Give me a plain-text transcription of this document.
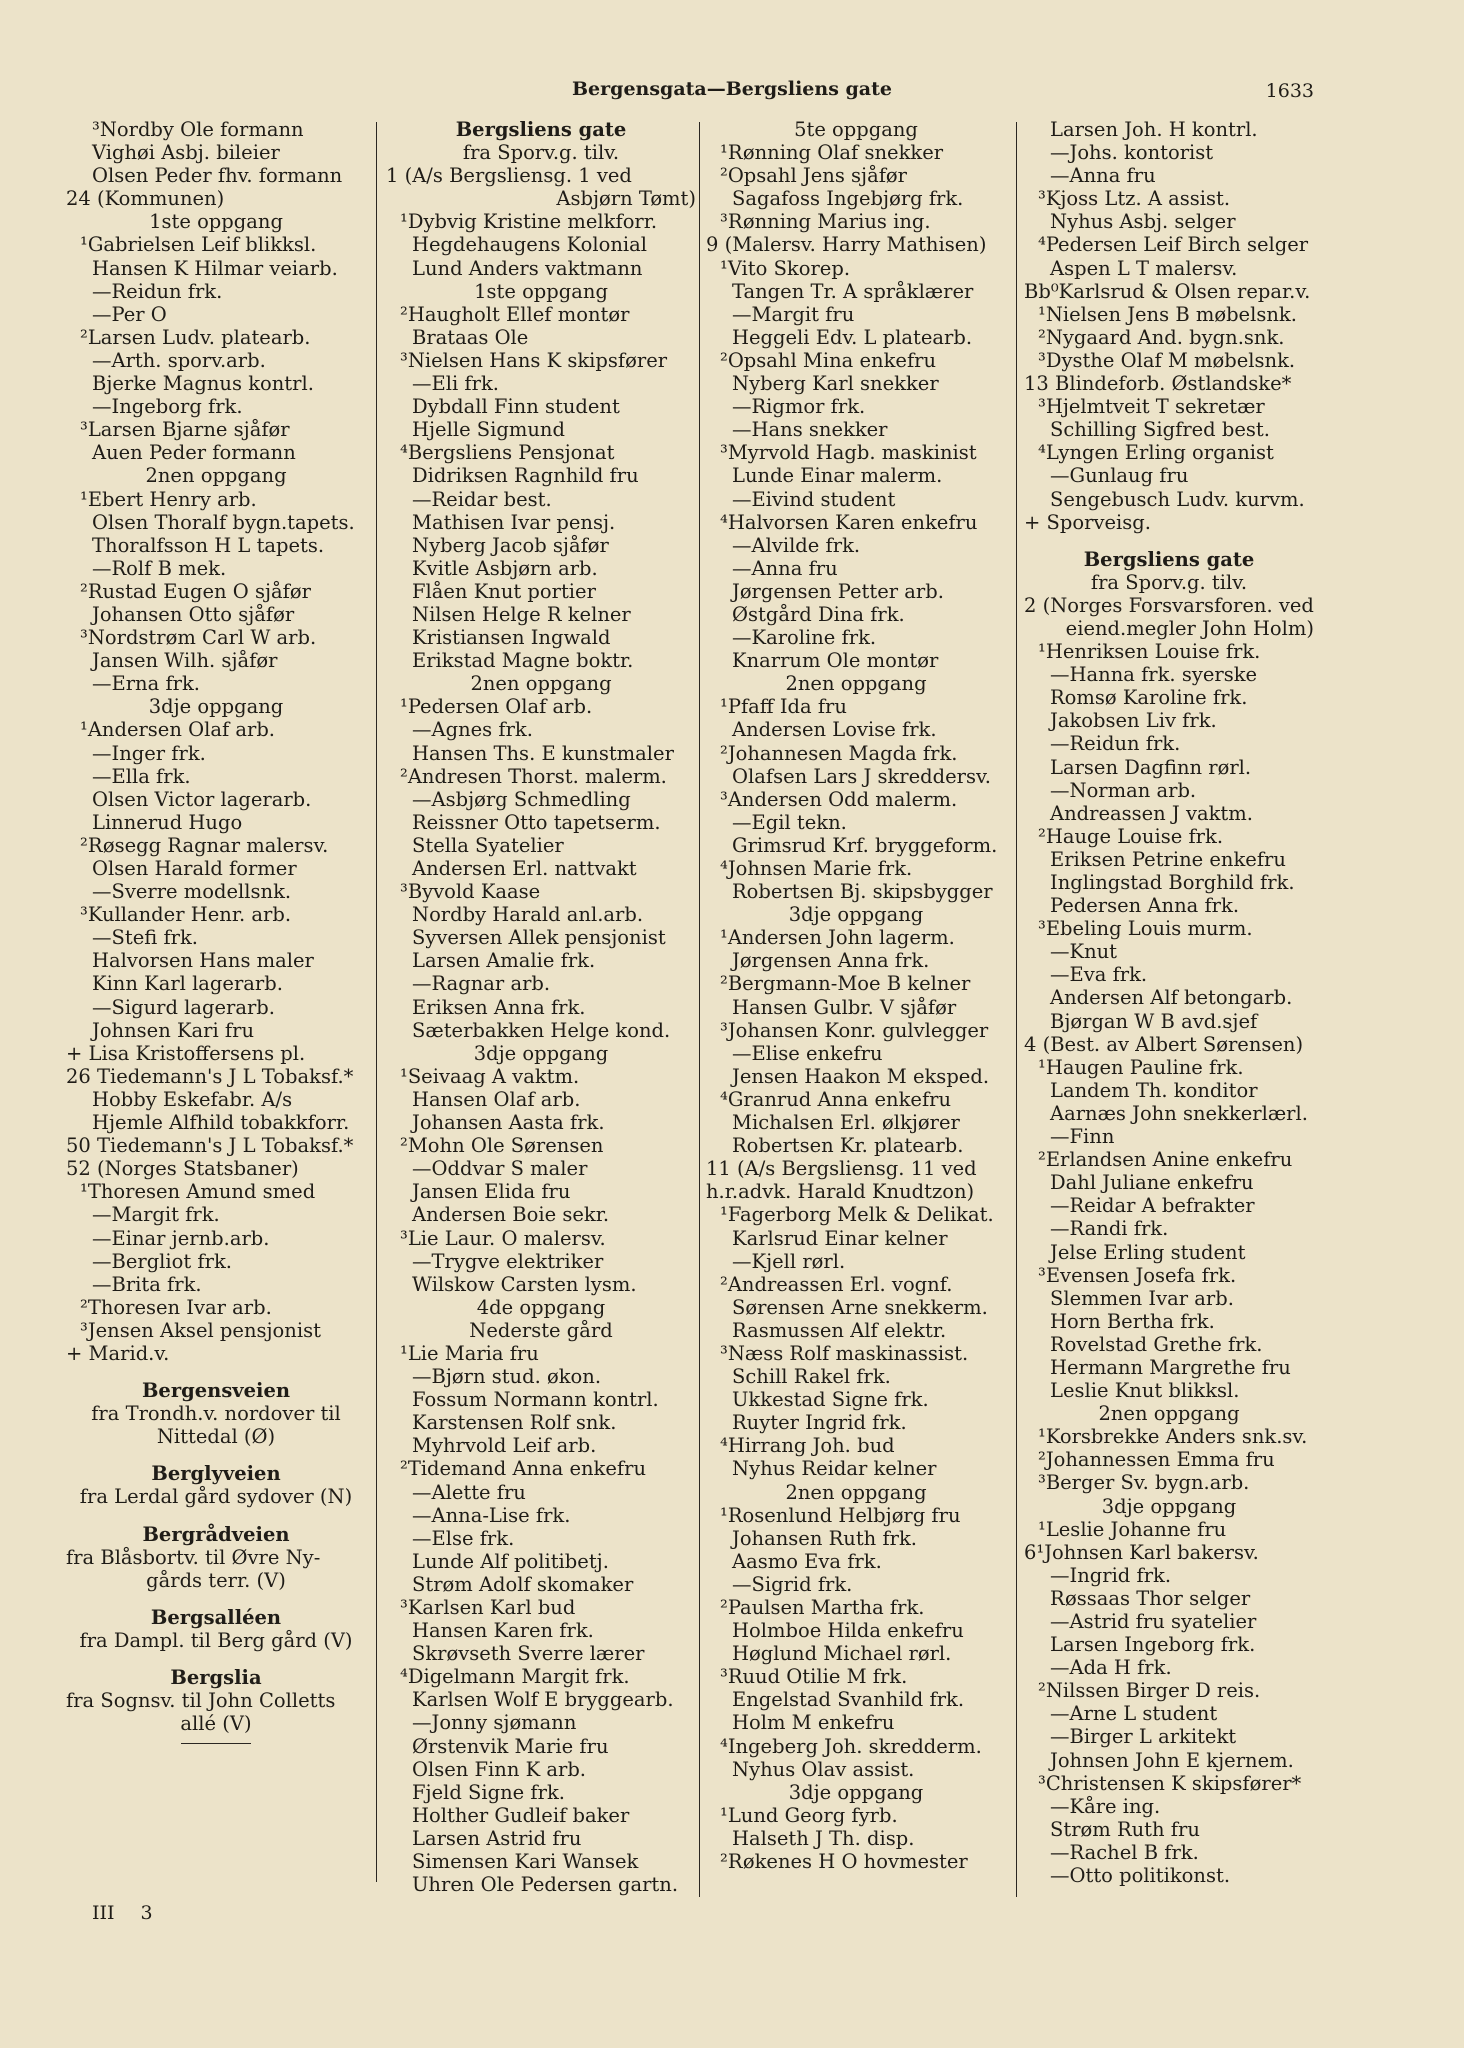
Bergensgata—Bergsliens gate	1633
³Nordby Ole formann
Vighøi Asbj. bileier
Olsen Peder fhv. formann
24 (Kommunen)
1ste oppgang
¹Gabrielsen Leif blikksl.
Hansen K Hilmar veiarb.
—Reidun frk.
—Per O
²Larsen Ludv. platearb.
—Arth. sporv.arb.
Bjerke Magnus kontrl.
—Ingeborg frk.
³Larsen Bjarne sjåfør
Auen Peder formann
2nen oppgang
¹Ebert Henry arb.
Olsen Thoralf bygn.tapets.
Thoralfsson H L tapets.
—Rolf B mek.
²Rustad Eugen O sjåfør
Johansen Otto sjåfør
³Nordstrøm Carl W arb.
Jansen Wilh. sjåfør
—Erna frk.
3dje oppgang
¹Andersen Olaf arb.
—Inger frk.
—Ella frk.
Olsen Victor lagerarb.
Linnerud Hugo
²Røsegg Ragnar malersv.
Olsen Harald former
—Sverre modellsnk.
³Kullander Henr. arb.
—Stefi frk.
Halvorsen Hans maler
Kinn Karl lagerarb.
—Sigurd lagerarb.
Johnsen Kari fru
+ Lisa Kristoffersens pl.
26 Tiedemann's J L Tobaksf.*
Hobby Eskefabr. A/s
Hjemle Alfhild tobakkforr.
50 Tiedemann's J L Tobaksf.*
52 (Norges Statsbaner)
¹Thoresen Amund smed
—Margit frk.
—Einar jernb.arb.
—Bergliot frk.
—Brita frk.
²Thoresen Ivar arb.
³Jensen Aksel pensjonist
+ Marid.v.
Bergensveien
fra Trondh.v. nordover til
Nittedal (Ø)
Berglyveien
fra Lerdal gård sydover (N)
Bergrådveien
fra Blåsbortv. til Øvre Ny-
gårds terr. (V)
Bergsalléen
fra Dampl. til Berg gård (V)
Bergslia
fra Sognsv. til John Colletts
allé (V)
Bergsliens gate
fra Sporv.g. tilv.
1 (A/s Bergsliensg. 1 ved
Asbjørn Tømt)
¹Dybvig Kristine melkforr.
Hegdehaugens Kolonial
Lund Anders vaktmann
1ste oppgang
²Haugholt Ellef montør
Brataas Ole
³Nielsen Hans K skipsfører
—Eli frk.
Dybdall Finn student
Hjelle Sigmund
⁴Bergsliens Pensjonat
Didriksen Ragnhild fru
—Reidar best.
Mathisen Ivar pensj.
Nyberg Jacob sjåfør
Kvitle Asbjørn arb.
Flåen Knut portier
Nilsen Helge R kelner
Kristiansen Ingwald
Erikstad Magne boktr.
2nen oppgang
¹Pedersen Olaf arb.
—Agnes frk.
Hansen Ths. E kunstmaler
²Andresen Thorst. malerm.
—Asbjørg Schmedling
Reissner Otto tapetserm.
Stella Syatelier
Andersen Erl. nattvakt
³Byvold Kaase
Nordby Harald anl.arb.
Syversen Allek pensjonist
Larsen Amalie frk.
—Ragnar arb.
Eriksen Anna frk.
Sæterbakken Helge kond.
3dje oppgang
¹Seivaag A vaktm.
Hansen Olaf arb.
Johansen Aasta frk.
²Mohn Ole Sørensen
—Oddvar S maler
Jansen Elida fru
Andersen Boie sekr.
³Lie Laur. O malersv.
—Trygve elektriker
Wilskow Carsten lysm.
4de oppgang
Nederste gård
¹Lie Maria fru
—Bjørn stud. økon.
Fossum Normann kontrl.
Karstensen Rolf snk.
Myhrvold Leif arb.
²Tidemand Anna enkefru
—Alette fru
—Anna-Lise frk.
—Else frk.
Lunde Alf politibetj.
Strøm Adolf skomaker
³Karlsen Karl bud
Hansen Karen frk.
Skrøvseth Sverre lærer
⁴Digelmann Margit frk.
Karlsen Wolf E bryggearb.
—Jonny sjømann
Ørstenvik Marie fru
Olsen Finn K arb.
Fjeld Signe frk.
Holther Gudleif baker
Larsen Astrid fru
Simensen Kari Wansek
Uhren Ole Pedersen gartn.
5te oppgang
¹Rønning Olaf snekker
²Opsahl Jens sjåfør
Sagafoss Ingebjørg frk.
³Rønning Marius ing.
9 (Malersv. Harry Mathisen)
¹Vito Skorep.
Tangen Tr. A språklærer
—Margit fru
Heggeli Edv. L platearb.
²Opsahl Mina enkefru
Nyberg Karl snekker
—Rigmor frk.
—Hans snekker
³Myrvold Hagb. maskinist
Lunde Einar malerm.
—Eivind student
⁴Halvorsen Karen enkefru
—Alvilde frk.
—Anna fru
Jørgensen Petter arb.
Østgård Dina frk.
—Karoline frk.
Knarrum Ole montør
2nen oppgang
¹Pfaff Ida fru
Andersen Lovise frk.
²Johannesen Magda frk.
Olafsen Lars J skreddersv.
³Andersen Odd malerm.
—Egil tekn.
Grimsrud Krf. bryggeform.
⁴Johnsen Marie frk.
Robertsen Bj. skipsbygger
3dje oppgang
¹Andersen John lagerm.
Jørgensen Anna frk.
²Bergmann-Moe B kelner
Hansen Gulbr. V sjåfør
³Johansen Konr. gulvlegger
—Elise enkefru
Jensen Haakon M eksped.
⁴Granrud Anna enkefru
Michalsen Erl. ølkjører
Robertsen Kr. platearb.
11 (A/s Bergsliensg. 11 ved
h.r.advk. Harald Knudtzon)
¹Fagerborg Melk & Delikat.
Karlsrud Einar kelner
—Kjell rørl.
²Andreassen Erl. vognf.
Sørensen Arne snekkerm.
Rasmussen Alf elektr.
³Næss Rolf maskinassist.
Schill Rakel frk.
Ukkestad Signe frk.
Ruyter Ingrid frk.
⁴Hirrang Joh. bud
Nyhus Reidar kelner
2nen oppgang
¹Rosenlund Helbjørg fru
Johansen Ruth frk.
Aasmo Eva frk.
—Sigrid frk.
²Paulsen Martha frk.
Holmboe Hilda enkefru
Høglund Michael rørl.
³Ruud Otilie M frk.
Engelstad Svanhild frk.
Holm M enkefru
⁴Ingeberg Joh. skredderm.
Nyhus Olav assist.
3dje oppgang
¹Lund Georg fyrb.
Halseth J Th. disp.
²Røkenes H O hovmester
Larsen Joh. H kontrl.
—Johs. kontorist
—Anna fru
³Kjoss Ltz. A assist.
Nyhus Asbj. selger
⁴Pedersen Leif Birch selger
Aspen L T malersv.
Bb⁰Karlsrud & Olsen repar.v.
¹Nielsen Jens B møbelsnk.
²Nygaard And. bygn.snk.
³Dysthe Olaf M møbelsnk.
13 Blindeforb. Østlandske*
³Hjelmtveit T sekretær
Schilling Sigfred best.
⁴Lyngen Erling organist
—Gunlaug fru
Sengebusch Ludv. kurvm.
+ Sporveisg.
Bergsliens gate
fra Sporv.g. tilv.
2 (Norges Forsvarsforen. ved
eiend.megler John Holm)
¹Henriksen Louise frk.
—Hanna frk. syerske
Romsø Karoline frk.
Jakobsen Liv frk.
—Reidun frk.
Larsen Dagfinn rørl.
—Norman arb.
Andreassen J vaktm.
²Hauge Louise frk.
Eriksen Petrine enkefru
Inglingstad Borghild frk.
Pedersen Anna frk.
³Ebeling Louis murm.
—Knut
—Eva frk.
Andersen Alf betongarb.
Bjørgan W B avd.sjef
4 (Best. av Albert Sørensen)
¹Haugen Pauline frk.
Landem Th. konditor
Aarnæs John snekkerlærl.
—Finn
²Erlandsen Anine enkefru
Dahl Juliane enkefru
—Reidar A befrakter
—Randi frk.
Jelse Erling student
³Evensen Josefa frk.
Slemmen Ivar arb.
Horn Bertha frk.
Rovelstad Grethe frk.
Hermann Margrethe fru
Leslie Knut blikksl.
2nen oppgang
¹Korsbrekke Anders snk.sv.
²Johannessen Emma fru
³Berger Sv. bygn.arb.
3dje oppgang
¹Leslie Johanne fru
6¹Johnsen Karl bakersv.
—Ingrid frk.
Røssaas Thor selger
—Astrid fru syatelier
Larsen Ingeborg frk.
—Ada H frk.
²Nilssen Birger D reis.
—Arne L student
—Birger L arkitekt
Johnsen John E kjernem.
³Christensen K skipsfører*
—Kåre ing.
Strøm Ruth fru
—Rachel B frk.
—Otto politikonst.
III 3
